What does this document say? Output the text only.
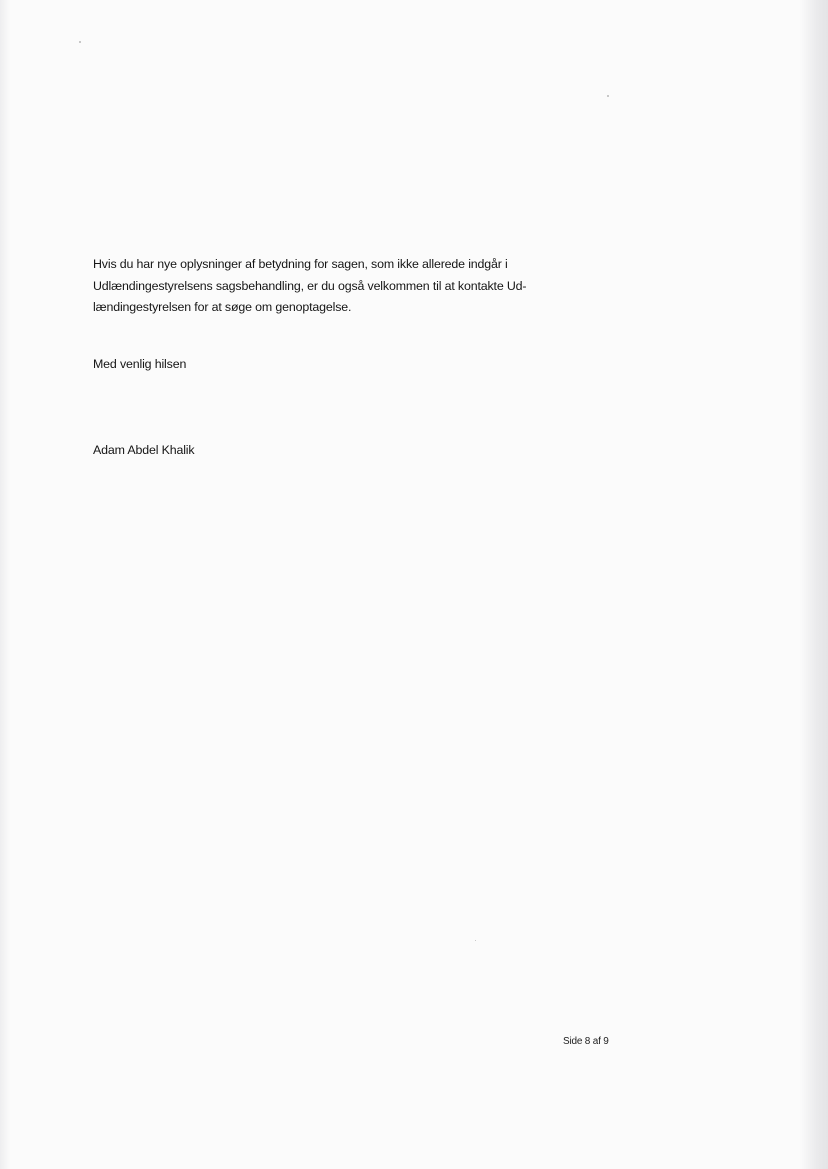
Hvis du har nye oplysninger af betydning for sagen, som ikke allerede indgår i
Udlændingestyrelsens sagsbehandling, er du også velkommen til at kontakte Ud-
lændingestyrelsen for at søge om genoptagelse.

Med venlig hilsen

Adam Abdel Khalik

Side 8 af 9
